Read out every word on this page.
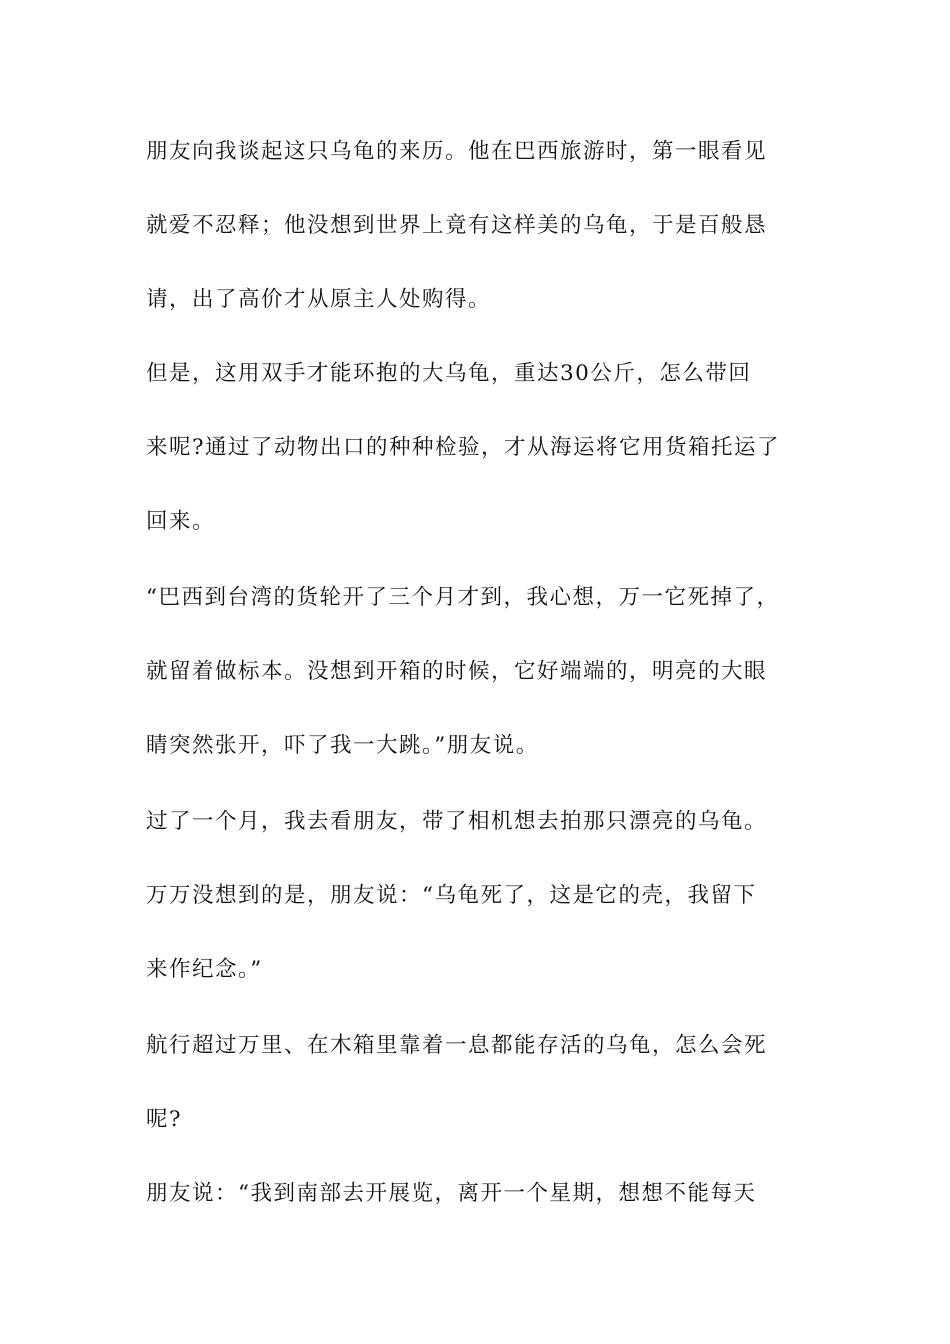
朋友向我谈起这只乌龟的来历。他在巴西旅游时，第一眼看见
就爱不忍释；他没想到世界上竟有这样美的乌龟，于是百般恳
请，出了高价才从原主人处购得。
但是，这用双手才能环抱的大乌龟，重达30公斤，怎么带回
来呢?通过了动物出口的种种检验，才从海运将它用货箱托运了
回来。
“巴西到台湾的货轮开了三个月才到，我心想，万一它死掉了，
就留着做标本。没想到开箱的时候，它好端端的，明亮的大眼
睛突然张开，吓了我一大跳。”朋友说。
过了一个月，我去看朋友，带了相机想去拍那只漂亮的乌龟。
万万没想到的是，朋友说：“乌龟死了，这是它的壳，我留下
来作纪念。”
航行超过万里、在木箱里靠着一息都能存活的乌龟，怎么会死
呢?
朋友说：“我到南部去开展览，离开一个星期，想想不能每天
